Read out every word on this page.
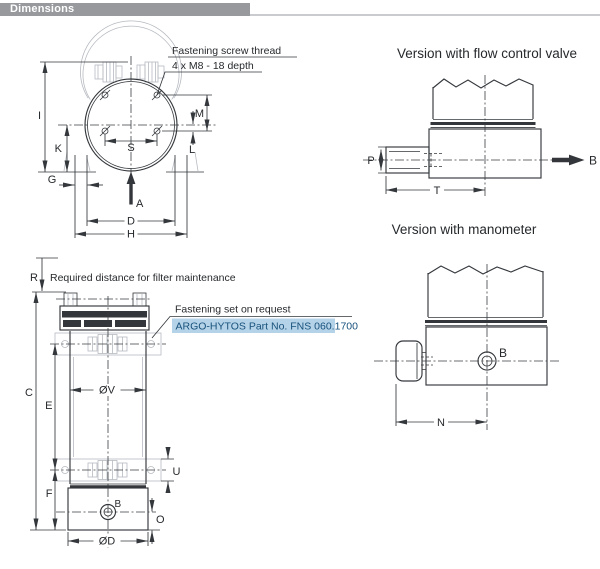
Dimensions
Fastening screw thread
4 x M8 - 18 depth
I
K
G
A
M
L
S
D
H
Version with flow control valve
P	B
T
Version with manometer
B
N
Required distance for filter maintenance
Fastening set on request
ARGO-HYTOS Part No. FNS 060.1700
R
C
E
F
ØV
U
B
O
ØD
